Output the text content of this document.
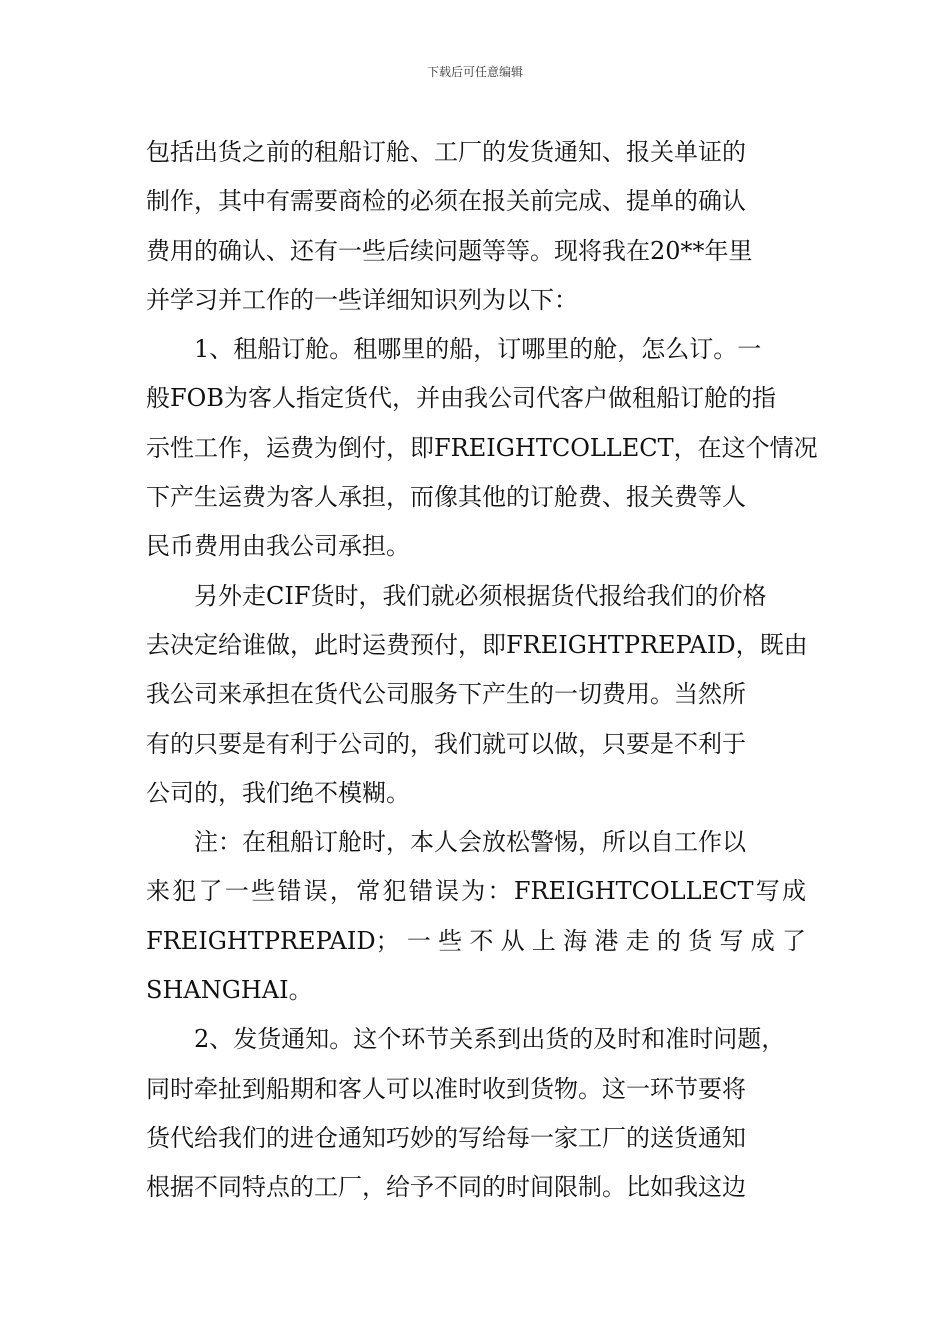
下载后可任意编辑
包括出货之前的租船订舱、工厂的发货通知、报关单证的
制作，其中有需要商检的必须在报关前完成、提单的确认
费用的确认、还有一些后续问题等等。现将我在20**年里
并学习并工作的一些详细知识列为以下：
1、租船订舱。租哪里的船，订哪里的舱，怎么订。一
般FOB为客人指定货代，并由我公司代客户做租船订舱的指
示性工作，运费为倒付，即FREIGHTCOLLECT，在这个情况
下产生运费为客人承担，而像其他的订舱费、报关费等人
民币费用由我公司承担。
另外走CIF货时，我们就必须根据货代报给我们的价格
去决定给谁做，此时运费预付，即FREIGHTPREPAID，既由
我公司来承担在货代公司服务下产生的一切费用。当然所
有的只要是有利于公司的，我们就可以做，只要是不利于
公司的，我们绝不模糊。
注：在租船订舱时，本人会放松警惕，所以自工作以
来犯了一些错误，常犯错误为：FREIGHTCOLLECT写成
FREIGHTPREPAID；一些不从上海港走的货写成了
SHANGHAI。
2、发货通知。这个环节关系到出货的及时和准时问题，
同时牵扯到船期和客人可以准时收到货物。这一环节要将
货代给我们的进仓通知巧妙的写给每一家工厂的送货通知
根据不同特点的工厂，给予不同的时间限制。比如我这边
